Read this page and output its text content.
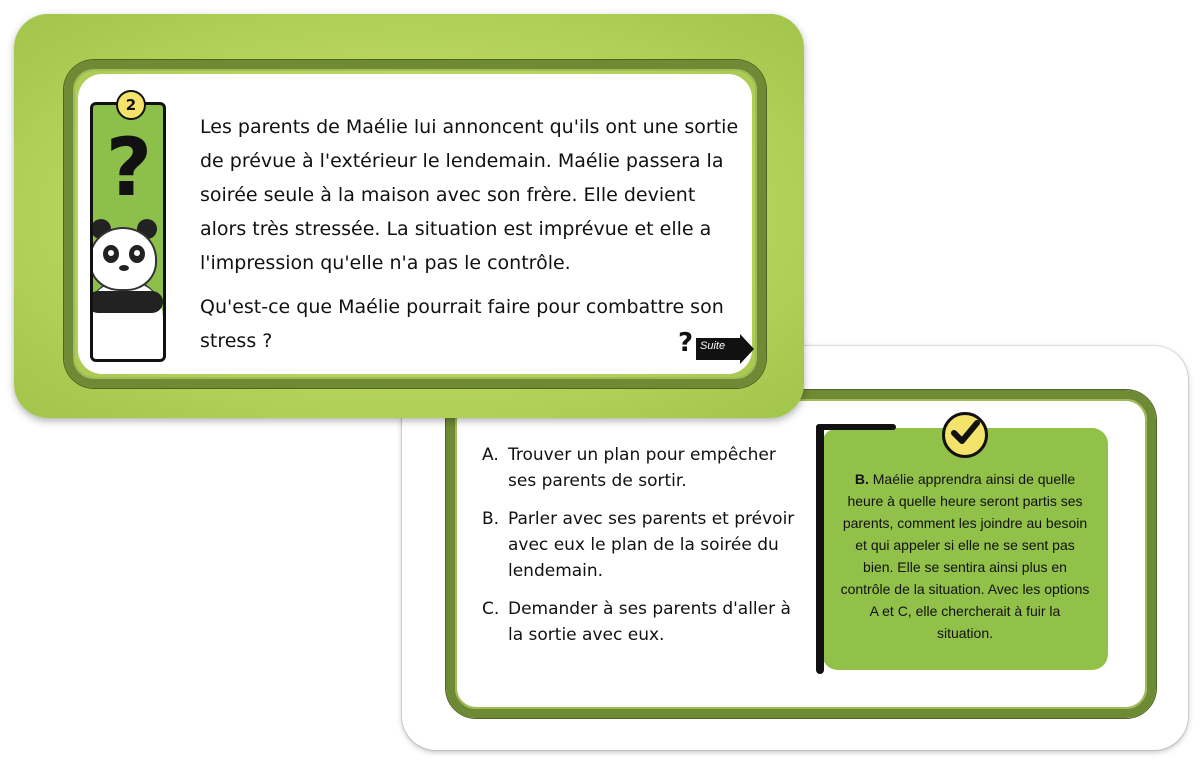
A. Trouver un plan pour empêcher ses parents de sortir.
B. Parler avec ses parents et prévoir avec eux le plan de la soirée du lendemain.
C. Demander à ses parents d'aller à la sortie avec eux.
B. Maélie apprendra ainsi de quelle heure à quelle heure seront partis ses parents, comment les joindre au besoin et qui appeler si elle ne se sent pas bien. Elle se sentira ainsi plus en contrôle de la situation. Avec les options A et C, elle chercherait à fuir la situation.
?
2

Les parents de Maélie lui annoncent qu'ils ont une sortie de prévue à l'extérieur le lendemain. Maélie passera la soirée seule à la maison avec son frère. Elle devient alors très stressée. La situation est imprévue et elle a l'impression qu'elle n'a pas le contrôle.

Qu'est-ce que Maélie pourrait faire pour combattre son stress ?	? Suite
